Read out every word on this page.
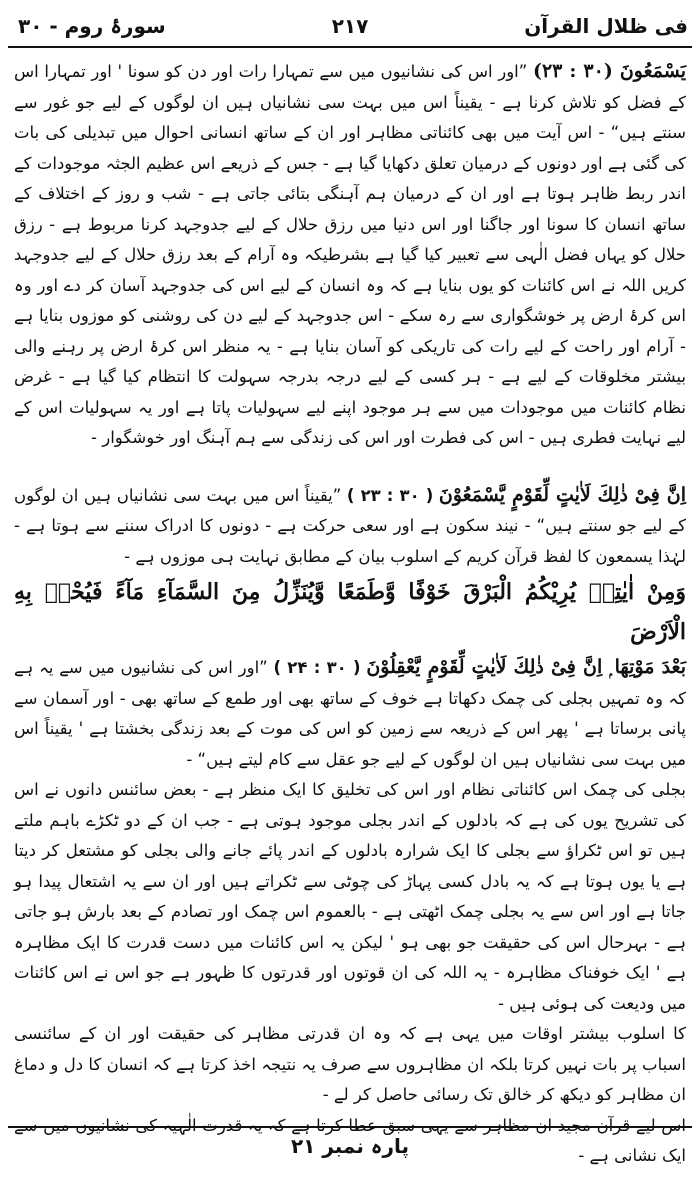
فی ظلال القرآن
۲۱۷
سورۂ روم - ۳۰

يَسْمَعُونَ (۳۰ : ۲۳) ”اور اس کی نشانیوں میں سے تمہارا رات اور دن کو سونا ' اور تمہارا اس کے فضل کو تلاش کرنا ہے - یقیناً اس میں بہت سی نشانیاں ہیں ان لوگوں کے لیے جو غور سے سنتے ہیں“ - اس آیت میں بھی کائناتی مظاہر اور ان کے ساتھ انسانی احوال میں تبدیلی کی بات کی گئی ہے اور دونوں کے درمیان تعلق دکھایا گیا ہے - جس کے ذریعے اس عظیم الجثہ موجودات کے اندر ربط ظاہر ہوتا ہے اور ان کے درمیان ہم آہنگی بتائی جاتی ہے - شب و روز کے اختلاف کے ساتھ انسان کا سونا اور جاگنا اور اس دنیا میں رزق حلال کے لیے جدوجہد کرنا مربوط ہے - رزق حلال کو یہاں فضل الٰہی سے تعبیر کیا گیا ہے بشرطیکہ وہ آرام کے بعد رزق حلال کے لیے جدوجہد کریں اللہ نے اس کائنات کو یوں بنایا ہے کہ وہ انسان کے لیے اس کی جدوجہد آسان کر دے اور وہ اس کرۂ ارض پر خوشگواری سے رہ سکے - اس جدوجہد کے لیے دن کی روشنی کو موزوں بنایا ہے - آرام اور راحت کے لیے رات کی تاریکی کو آسان بنایا ہے - یہ منظر اس کرۂ ارض پر رہنے والی بیشتر مخلوقات کے لیے ہے - ہر کسی کے لیے درجہ بدرجہ سہولت کا انتظام کیا گیا ہے - غرض نظام کائنات میں موجودات میں سے ہر موجود اپنے لیے سہولیات پاتا ہے اور یہ سہولیات اس کے لیے نہایت فطری ہیں - اس کی فطرت اور اس کی زندگی سے ہم آہنگ اور خوشگوار -

اِنَّ فِیْ ذٰلِكَ لَاٰیٰتٍ لِّقَوْمٍ یَّسْمَعُوْنَ ( ۳۰ : ۲۳ ) ”یقیناً اس میں بہت سی نشانیاں ہیں ان لوگوں کے لیے جو سنتے ہیں“ - نیند سکون ہے اور سعی حرکت ہے - دونوں کا ادراک سننے سے ہوتا ہے - لہٰذا یسمعون کا لفظ قرآن کریم کے اسلوب بیان کے مطابق نہایت ہی موزوں ہے -

وَمِنْ اٰیٰتِهٖ یُرِیْكُمُ الْبَرْقَ خَوْفًا وَّطَمَعًا وَّیُنَزِّلُ مِنَ السَّمَآءِ مَآءً فَیُحْیٖ بِهِ الْاَرْضَ

بَعْدَ مَوْتِهَا ۭ اِنَّ فِیْ ذٰلِكَ لَاٰیٰتٍ لِّقَوْمٍ یَّعْقِلُوْنَ ( ۳۰ : ۲۴ ) ”اور اس کی نشانیوں میں سے یہ ہے کہ وہ تمہیں بجلی کی چمک دکھاتا ہے خوف کے ساتھ بھی اور طمع کے ساتھ بھی - اور آسمان سے پانی برساتا ہے ' پھر اس کے ذریعہ سے زمین کو اس کی موت کے بعد زندگی بخشتا ہے ' یقیناً اس میں بہت سی نشانیاں ہیں ان لوگوں کے لیے جو عقل سے کام لیتے ہیں“ -

بجلی کی چمک اس کائناتی نظام اور اس کی تخلیق کا ایک منظر ہے - بعض سائنس دانوں نے اس کی تشریح یوں کی ہے کہ بادلوں کے اندر بجلی موجود ہوتی ہے - جب ان کے دو ٹکڑے باہم ملتے ہیں تو اس ٹکراؤ سے بجلی کا ایک شرارہ بادلوں کے اندر پائے جانے والی بجلی کو مشتعل کر دیتا ہے یا یوں ہوتا ہے کہ یہ بادل کسی پہاڑ کی چوٹی سے ٹکراتے ہیں اور ان سے یہ اشتعال پیدا ہو جاتا ہے اور اس سے یہ بجلی چمک اٹھتی ہے - بالعموم اس چمک اور تصادم کے بعد بارش ہو جاتی ہے - بہرحال اس کی حقیقت جو بھی ہو ' لیکن یہ اس کائنات میں دست قدرت کا ایک مظاہرہ ہے ' ایک خوفناک مظاہرہ - یہ اللہ کی ان قوتوں اور قدرتوں کا ظہور ہے جو اس نے اس کائنات میں ودیعت کی ہوئی ہیں -

کا اسلوب بیشتر اوقات میں یہی ہے کہ وہ ان قدرتی مظاہر کی حقیقت اور ان کے سائنسی اسباب پر بات نہیں کرتا بلکہ ان مظاہروں سے صرف یہ نتیجہ اخذ کرتا ہے کہ انسان کا دل و دماغ ان مظاہر کو دیکھ کر خالق تک رسائی حاصل کر لے -

اس لیے قرآن مجید ان مظاہر سے یہی سبق عطا کرتا ہے کہ یہ قدرت الٰہیہ کی نشانیوں میں سے ایک نشانی ہے -

پارہ نمبر ۲۱
